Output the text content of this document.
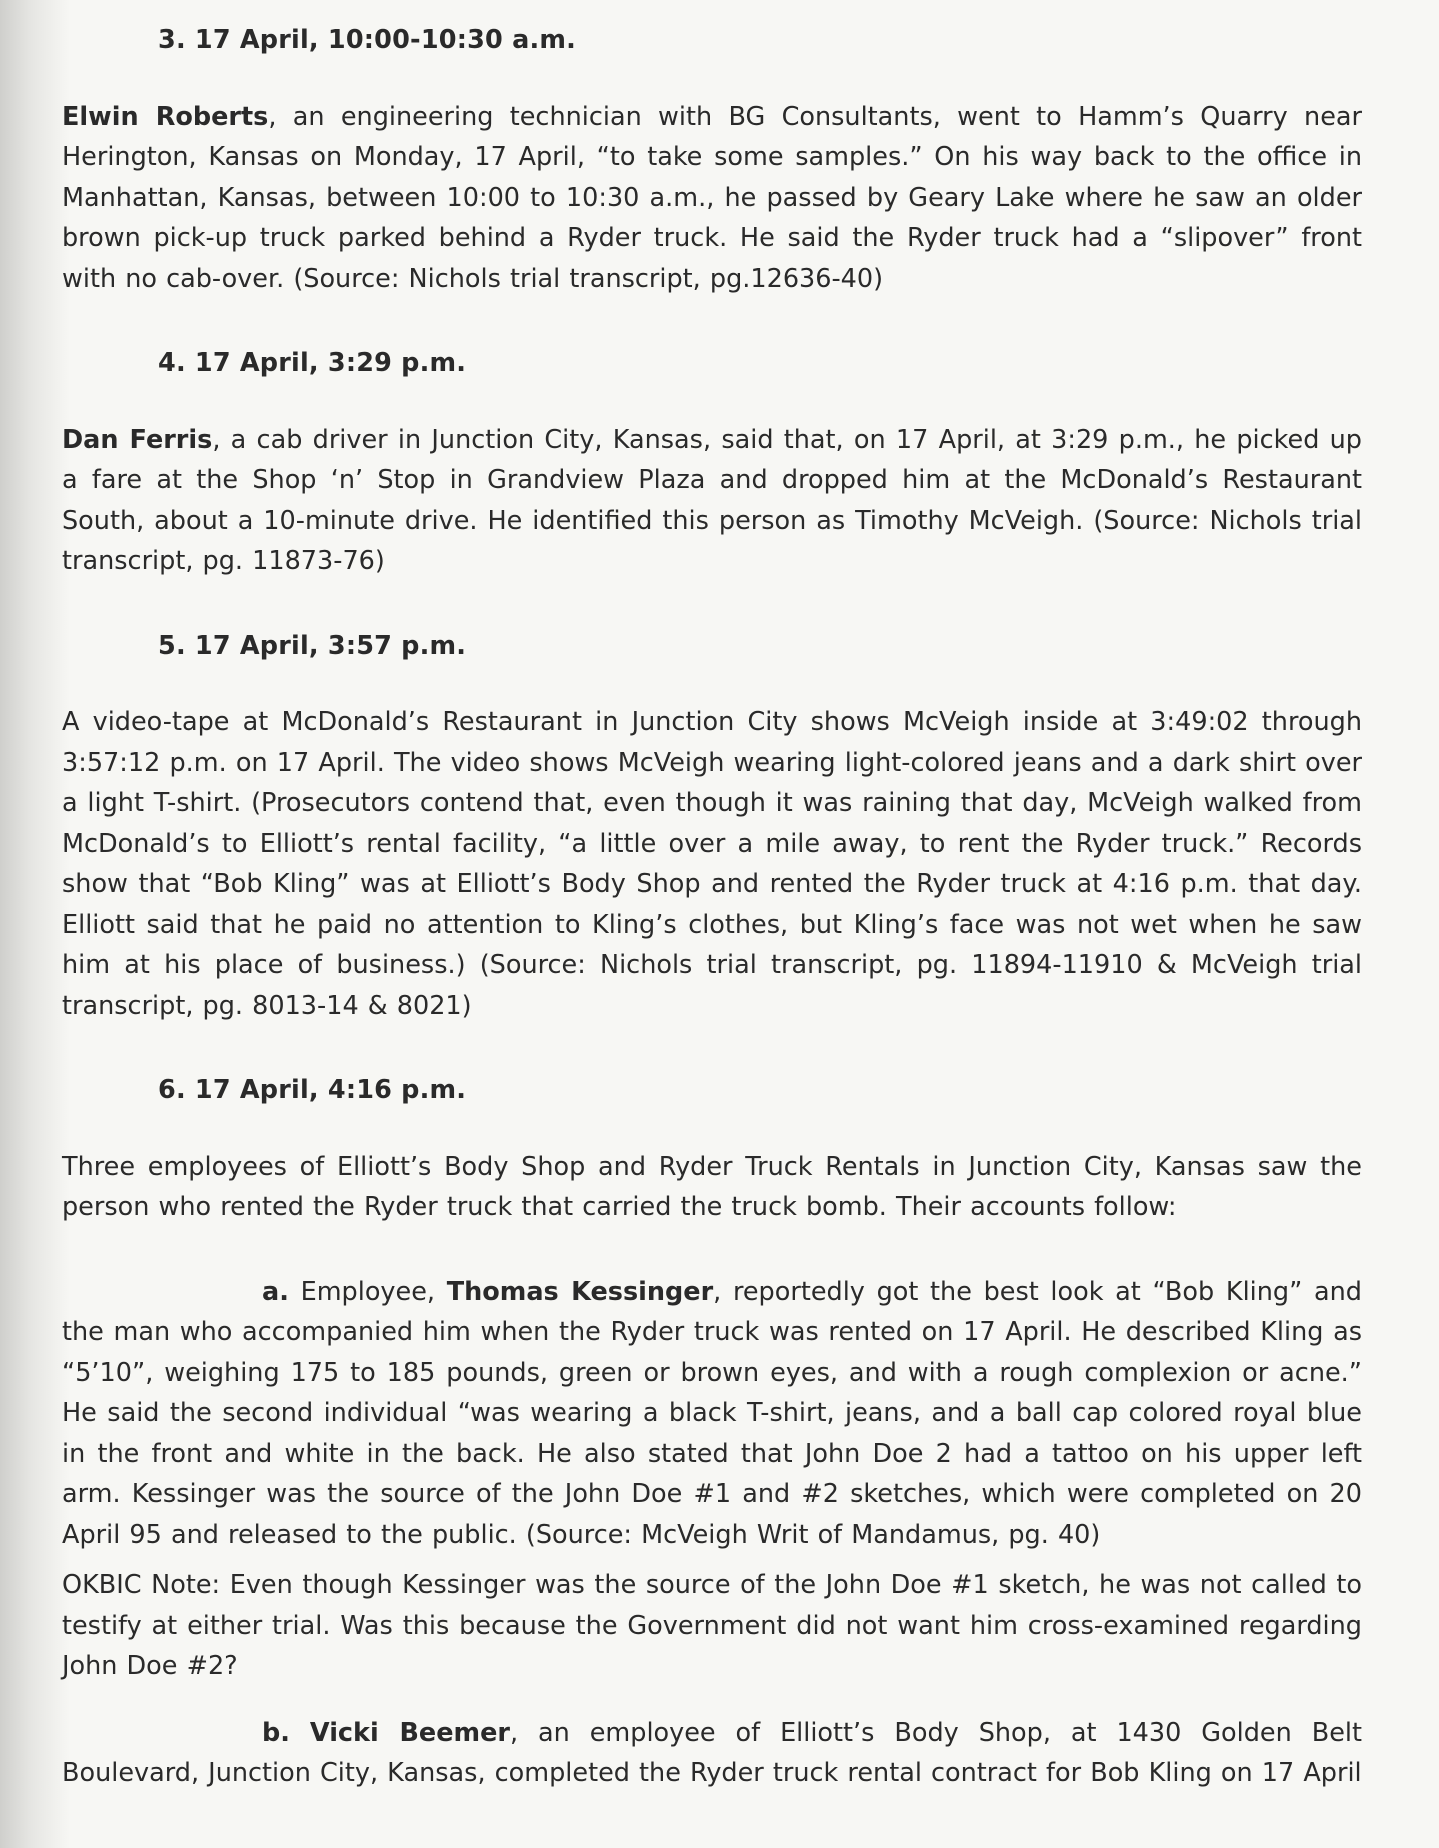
3. 17 April, 10:00-10:30 a.m.

Elwin Roberts, an engineering technician with BG Consultants, went to Hamm’s Quarry near Herington, Kansas on Monday, 17 April, “to take some samples.” On his way back to the office in Manhattan, Kansas, between 10:00 to 10:30 a.m., he passed by Geary Lake where he saw an older brown pick-up truck parked behind a Ryder truck. He said the Ryder truck had a “slipover” front with no cab-over. (Source: Nichols trial transcript, pg.12636-40)

4. 17 April, 3:29 p.m.

Dan Ferris, a cab driver in Junction City, Kansas, said that, on 17 April, at 3:29 p.m., he picked up a fare at the Shop ‘n’ Stop in Grandview Plaza and dropped him at the McDonald’s Restaurant South, about a 10-minute drive. He identified this person as Timothy McVeigh. (Source: Nichols trial transcript, pg. 11873-76)

5. 17 April, 3:57 p.m.

A video-tape at McDonald’s Restaurant in Junction City shows McVeigh inside at 3:49:02 through 3:57:12 p.m. on 17 April. The video shows McVeigh wearing light-colored jeans and a dark shirt over a light T-shirt. (Prosecutors contend that, even though it was raining that day, McVeigh walked from McDonald’s to Elliott’s rental facility, “a little over a mile away, to rent the Ryder truck.” Records show that “Bob Kling” was at Elliott’s Body Shop and rented the Ryder truck at 4:16 p.m. that day. Elliott said that he paid no attention to Kling’s clothes, but Kling’s face was not wet when he saw him at his place of business.) (Source: Nichols trial transcript, pg. 11894-11910 & McVeigh trial transcript, pg. 8013-14 & 8021)

6. 17 April, 4:16 p.m.

Three employees of Elliott’s Body Shop and Ryder Truck Rentals in Junction City, Kansas saw the person who rented the Ryder truck that carried the truck bomb. Their accounts follow:

a. Employee, Thomas Kessinger, reportedly got the best look at “Bob Kling” and the man who accompanied him when the Ryder truck was rented on 17 April. He described Kling as “5’10”, weighing 175 to 185 pounds, green or brown eyes, and with a rough complexion or acne.” He said the second individual “was wearing a black T-shirt, jeans, and a ball cap colored royal blue in the front and white in the back. He also stated that John Doe 2 had a tattoo on his upper left arm. Kessinger was the source of the John Doe #1 and #2 sketches, which were completed on 20 April 95 and released to the public. (Source: McVeigh Writ of Mandamus, pg. 40)

OKBIC Note: Even though Kessinger was the source of the John Doe #1 sketch, he was not called to testify at either trial. Was this because the Government did not want him cross-examined regarding John Doe #2?

b. Vicki Beemer, an employee of Elliott’s Body Shop, at 1430 Golden Belt Boulevard, Junction City, Kansas, completed the Ryder truck rental contract for Bob Kling on 17 April
